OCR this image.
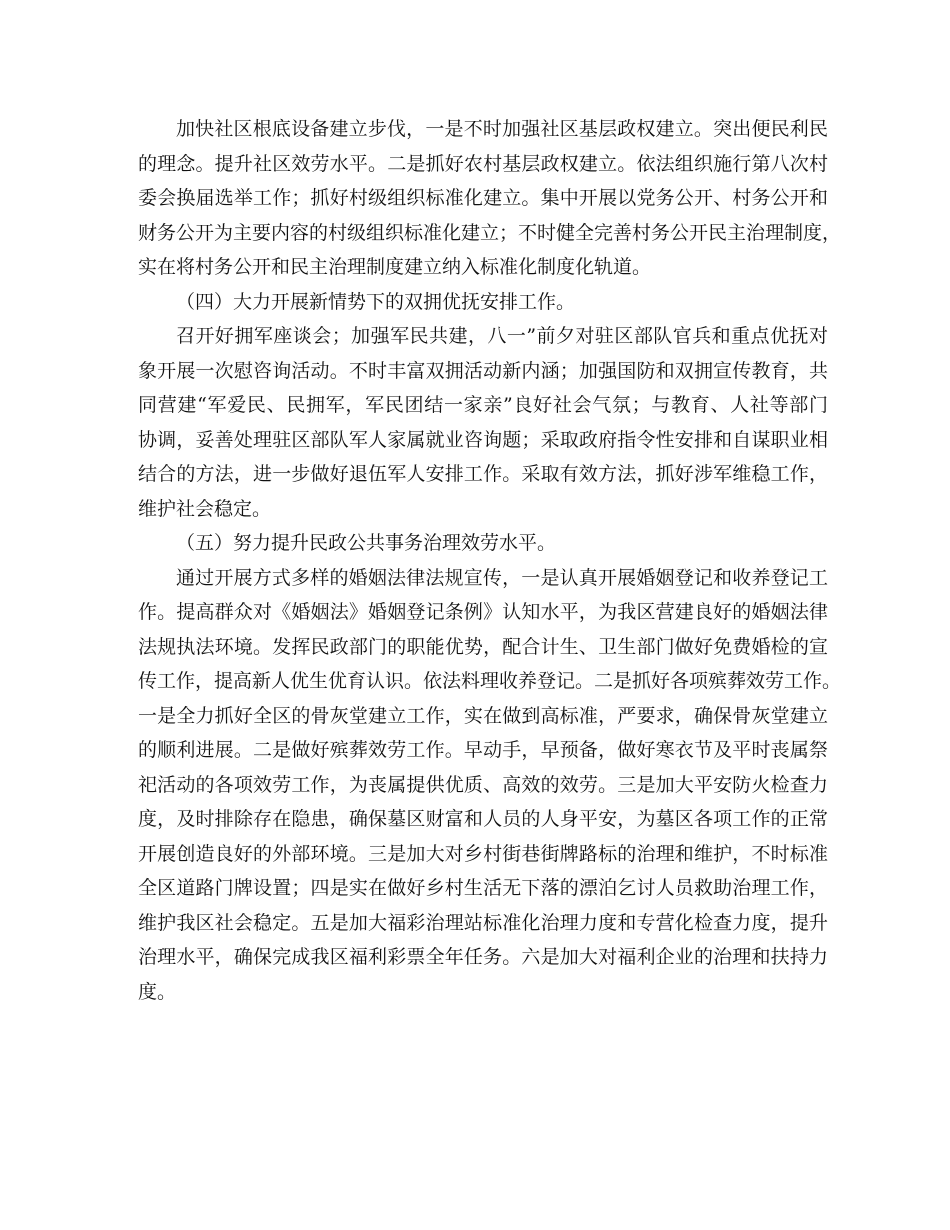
加快社区根底设备建立步伐，一是不时加强社区基层政权建立。突出便民利民
的理念。提升社区效劳水平。二是抓好农村基层政权建立。依法组织施行第八次村
委会换届选举工作；抓好村级组织标准化建立。集中开展以党务公开、村务公开和
财务公开为主要内容的村级组织标准化建立；不时健全完善村务公开民主治理制度，
实在将村务公开和民主治理制度建立纳入标准化制度化轨道。
（四）大力开展新情势下的双拥优抚安排工作。
召开好拥军座谈会；加强军民共建，八一”前夕对驻区部队官兵和重点优抚对
象开展一次慰咨询活动。不时丰富双拥活动新内涵；加强国防和双拥宣传教育，共
同营建“军爱民、民拥军，军民团结一家亲”良好社会气氛；与教育、人社等部门
协调，妥善处理驻区部队军人家属就业咨询题；采取政府指令性安排和自谋职业相
结合的方法，进一步做好退伍军人安排工作。采取有效方法，抓好涉军维稳工作，
维护社会稳定。
（五）努力提升民政公共事务治理效劳水平。
通过开展方式多样的婚姻法律法规宣传，一是认真开展婚姻登记和收养登记工
作。提高群众对《婚姻法》婚姻登记条例》认知水平，为我区营建良好的婚姻法律
法规执法环境。发挥民政部门的职能优势，配合计生、卫生部门做好免费婚检的宣
传工作，提高新人优生优育认识。依法料理收养登记。二是抓好各项殡葬效劳工作。
一是全力抓好全区的骨灰堂建立工作，实在做到高标准，严要求，确保骨灰堂建立
的顺利进展。二是做好殡葬效劳工作。早动手，早预备，做好寒衣节及平时丧属祭
祀活动的各项效劳工作，为丧属提供优质、高效的效劳。三是加大平安防火检查力
度，及时排除存在隐患，确保墓区财富和人员的人身平安，为墓区各项工作的正常
开展创造良好的外部环境。三是加大对乡村街巷街牌路标的治理和维护，不时标准
全区道路门牌设置；四是实在做好乡村生活无下落的漂泊乞讨人员救助治理工作，
维护我区社会稳定。五是加大福彩治理站标准化治理力度和专营化检查力度，提升
治理水平，确保完成我区福利彩票全年任务。六是加大对福利企业的治理和扶持力
度。
